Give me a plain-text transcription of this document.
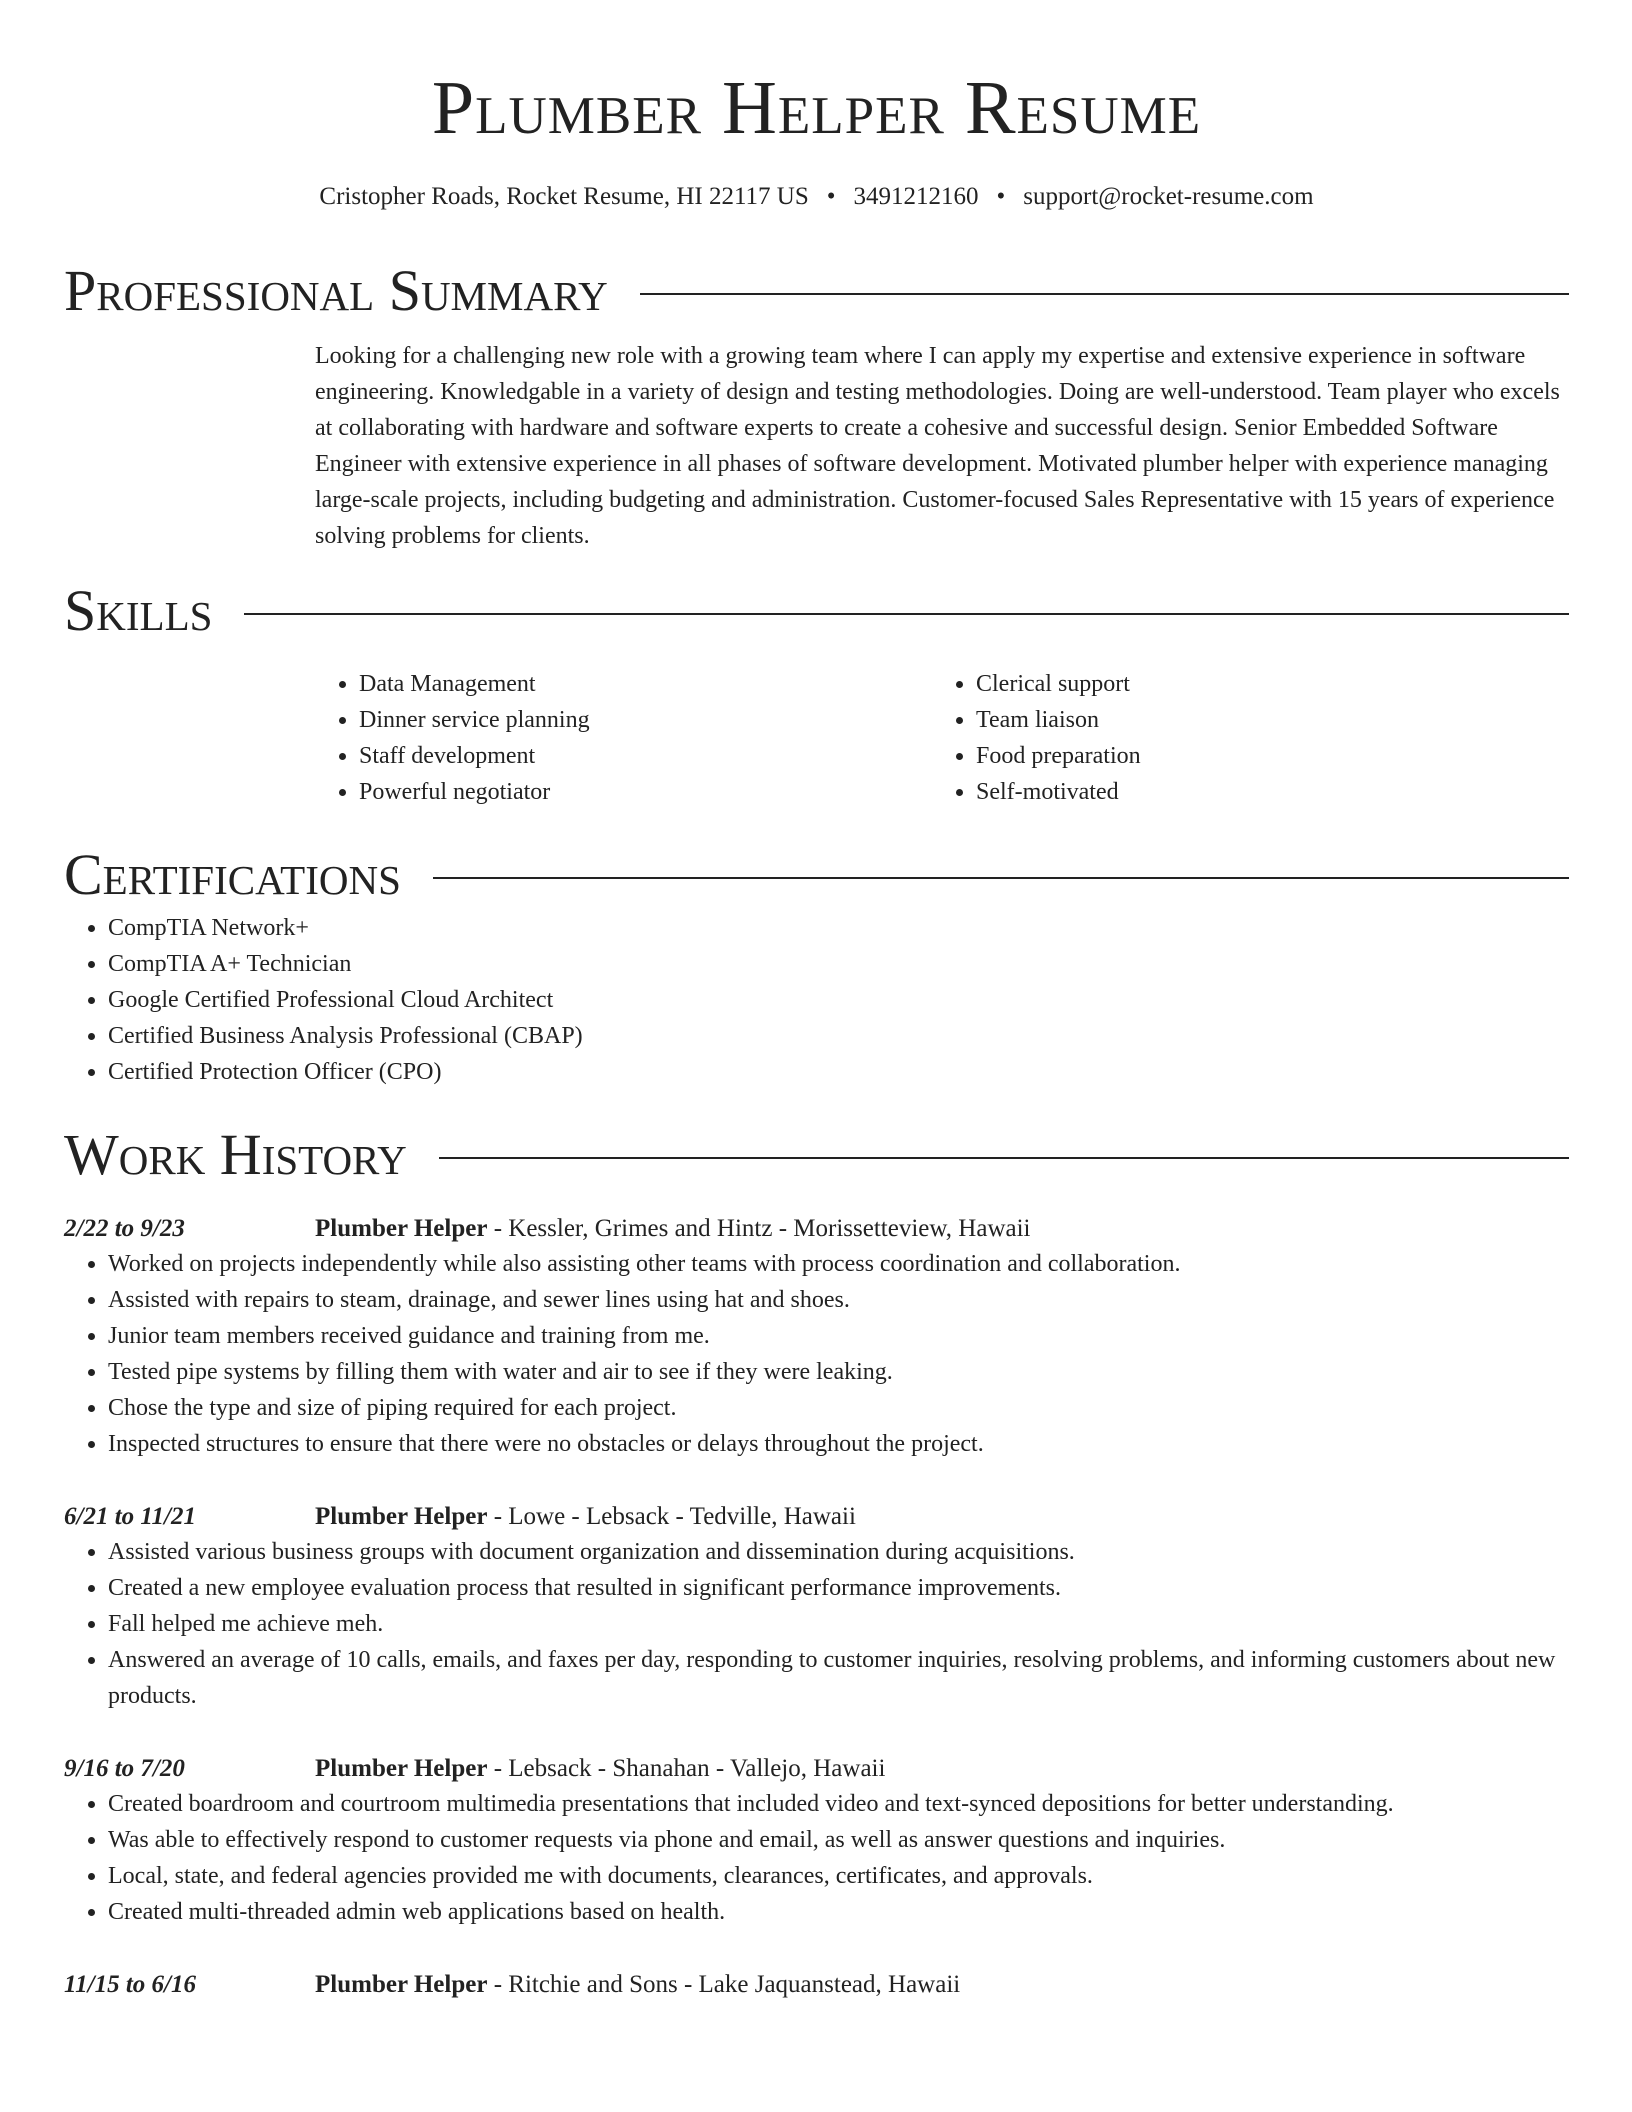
Plumber Helper Resume
Cristopher Roads, Rocket Resume, HI 22117 US • 3491212160 • support@rocket-resume.com
Professional Summary

Looking for a challenging new role with a growing team where I can apply my expertise and extensive experience in software engineering. Knowledgable in a variety of design and testing methodologies. Doing are well-understood. Team player who excels at collaborating with hardware and software experts to create a cohesive and successful design. Senior Embedded Software Engineer with extensive experience in all phases of software development. Motivated plumber helper with experience managing large-scale projects, including budgeting and administration. Customer-focused Sales Representative with 15 years of experience solving problems for clients.

Skills
• Data Management
• Dinner service planning
• Staff development
• Powerful negotiator
• Clerical support
• Team liaison
• Food preparation
• Self-motivated
Certifications
• CompTIA Network+
• CompTIA A+ Technician
• Google Certified Professional Cloud Architect
• Certified Business Analysis Professional (CBAP)
• Certified Protection Officer (CPO)
Work History
2/22 to 9/23	Plumber Helper - Kessler, Grimes and Hintz - Morissetteview, Hawaii
• Worked on projects independently while also assisting other teams with process coordination and collaboration.
• Assisted with repairs to steam, drainage, and sewer lines using hat and shoes.
• Junior team members received guidance and training from me.
• Tested pipe systems by filling them with water and air to see if they were leaking.
• Chose the type and size of piping required for each project.
• Inspected structures to ensure that there were no obstacles or delays throughout the project.
6/21 to 11/21	Plumber Helper - Lowe - Lebsack - Tedville, Hawaii
• Assisted various business groups with document organization and dissemination during acquisitions.
• Created a new employee evaluation process that resulted in significant performance improvements.
• Fall helped me achieve meh.
• Answered an average of 10 calls, emails, and faxes per day, responding to customer inquiries, resolving problems, and informing customers about new products.
9/16 to 7/20	Plumber Helper - Lebsack - Shanahan - Vallejo, Hawaii
• Created boardroom and courtroom multimedia presentations that included video and text-synced depositions for better understanding.
• Was able to effectively respond to customer requests via phone and email, as well as answer questions and inquiries.
• Local, state, and federal agencies provided me with documents, clearances, certificates, and approvals.
• Created multi-threaded admin web applications based on health.
11/15 to 6/16	Plumber Helper - Ritchie and Sons - Lake Jaquanstead, Hawaii
